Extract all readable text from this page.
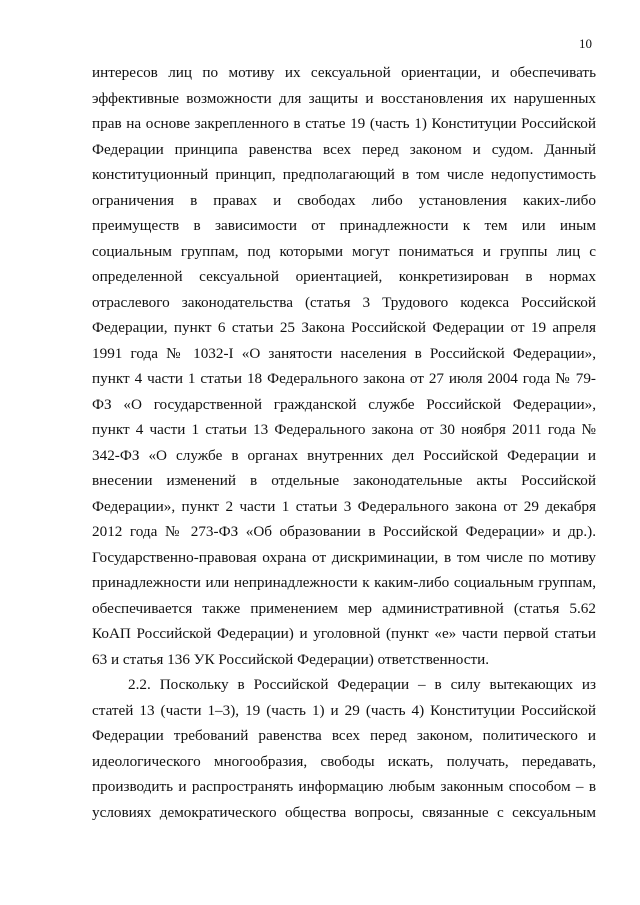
10
интересов лиц по мотиву их сексуальной ориентации, и обеспечивать
эффективные возможности для защиты и восстановления их нарушенных
прав на основе закрепленного в статье 19 (часть 1) Конституции Российской
Федерации принципа равенства всех перед законом и судом. Данный
конституционный принцип, предполагающий в том числе недопустимость
ограничения в правах и свободах либо установления каких-либо
преимуществ в зависимости от принадлежности к тем или иным
социальным группам, под которыми могут пониматься и группы лиц с
определенной сексуальной ориентацией, конкретизирован в нормах
отраслевого законодательства (статья 3 Трудового кодекса Российской
Федерации, пункт 6 статьи 25 Закона Российской Федерации от 19 апреля
1991 года № 1032-I «О занятости населения в Российской Федерации»,
пункт 4 части 1 статьи 18 Федерального закона от 27 июля 2004 года № 79-
ФЗ «О государственной гражданской службе Российской Федерации»,
пункт 4 части 1 статьи 13 Федерального закона от 30 ноября 2011 года №
342-ФЗ «О службе в органах внутренних дел Российской Федерации и
внесении изменений в отдельные законодательные акты Российской
Федерации», пункт 2 части 1 статьи 3 Федерального закона от 29 декабря
2012 года № 273-ФЗ «Об образовании в Российской Федерации» и др.).
Государственно-правовая охрана от дискриминации, в том числе по мотиву
принадлежности или непринадлежности к каким-либо социальным группам,
обеспечивается также применением мер административной (статья 5.62
КоАП Российской Федерации) и уголовной (пункт «е» части первой статьи
63 и статья 136 УК Российской Федерации) ответственности.
2.2. Поскольку в Российской Федерации – в силу вытекающих из
статей 13 (части 1–3), 19 (часть 1) и 29 (часть 4) Конституции Российской
Федерации требований равенства всех перед законом, политического и
идеологического многообразия, свободы искать, получать, передавать,
производить и распространять информацию любым законным способом – в
условиях демократического общества вопросы, связанные с сексуальным
